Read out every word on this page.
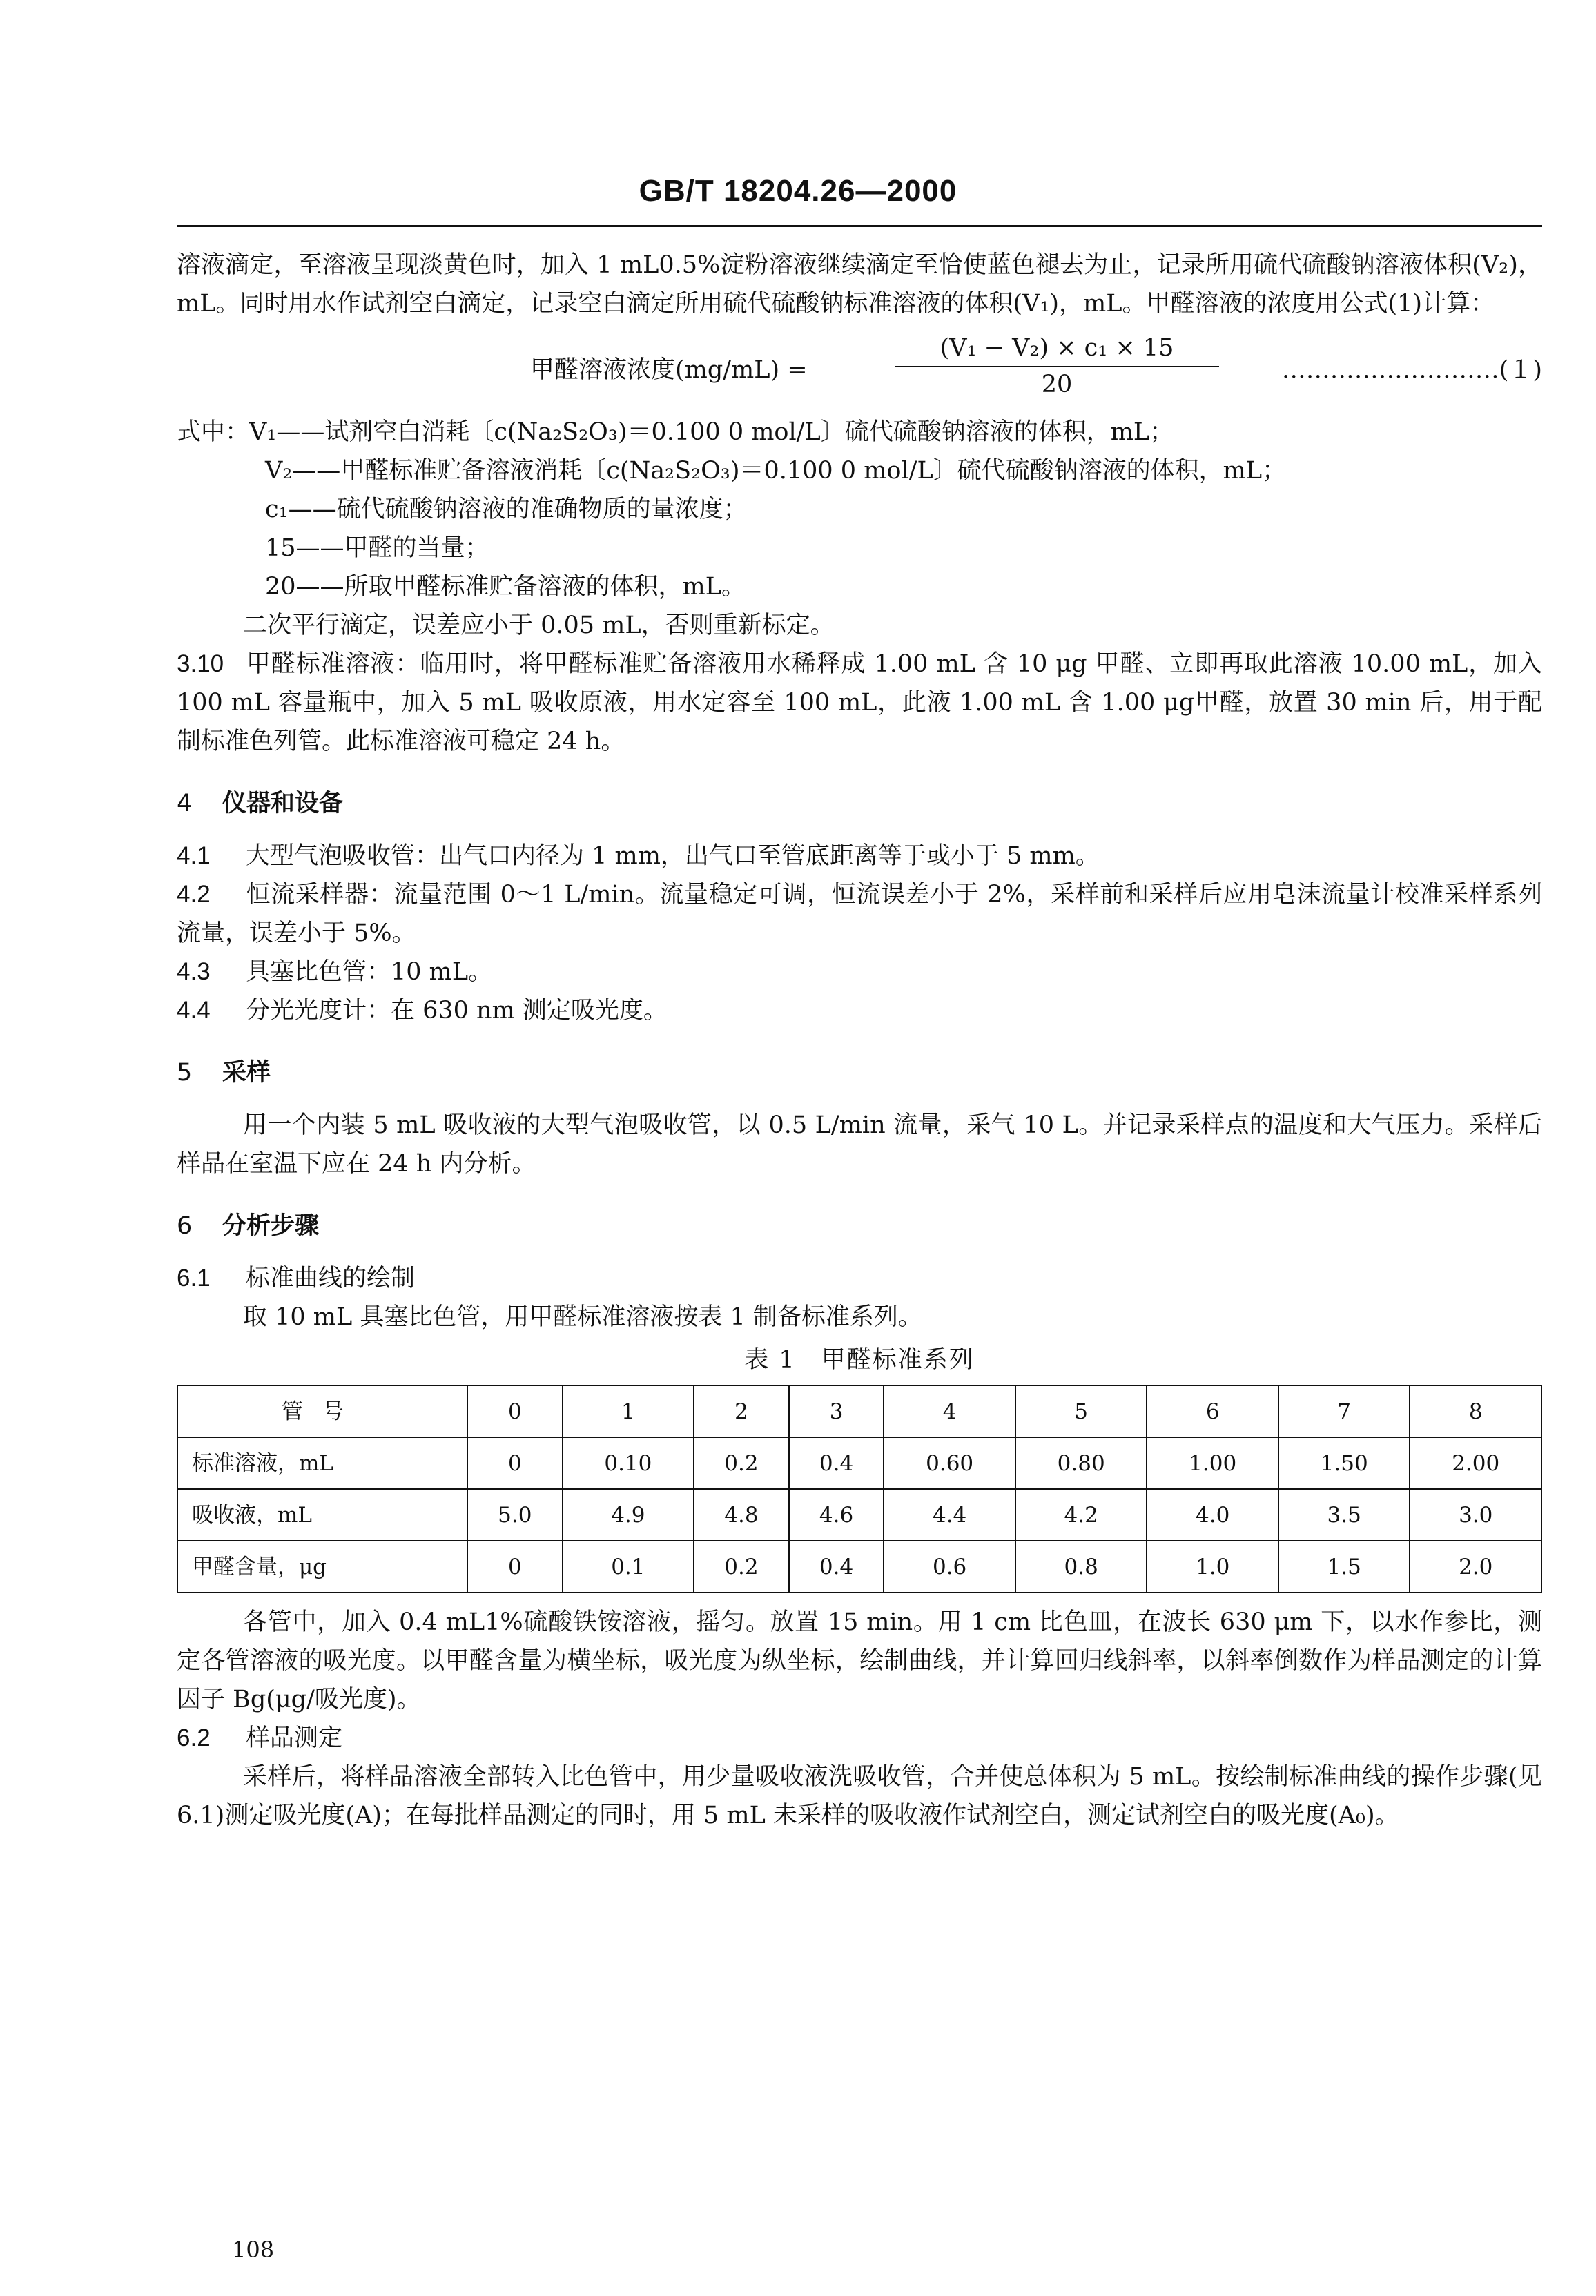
GB/T 18204.26—2000

溶液滴定，至溶液呈现淡黄色时，加入 1 mL0.5%淀粉溶液继续滴定至恰使蓝色褪去为止，记录所用硫代硫酸钠溶液体积(V₂)，mL。同时用水作试剂空白滴定，记录空白滴定所用硫代硫酸钠标准溶液的体积(V₁)，mL。甲醛溶液的浓度用公式(1)计算：

甲醛溶液浓度(mg/mL) =	$\frac{\text{(V₁ − V₂) × c₁ × 15}}{20}$	………………………(１)
式中：V₁——试剂空白消耗〔c(Na₂S₂O₃)＝0.100 0 mol/L〕硫代硫酸钠溶液的体积，mL；
V₂——甲醛标准贮备溶液消耗〔c(Na₂S₂O₃)＝0.100 0 mol/L〕硫代硫酸钠溶液的体积，mL；
c₁——硫代硫酸钠溶液的准确物质的量浓度；
15——甲醛的当量；
20——所取甲醛标准贮备溶液的体积，mL。

二次平行滴定，误差应小于 0.05 mL，否则重新标定。

3.10 甲醛标准溶液：临用时，将甲醛标准贮备溶液用水稀释成 1.00 mL 含 10 μg 甲醛、立即再取此溶液 10.00 mL，加入 100 mL 容量瓶中，加入 5 mL 吸收原液，用水定容至 100 mL，此液 1.00 mL 含 1.00 μg甲醛，放置 30 min 后，用于配制标准色列管。此标准溶液可稳定 24 h。

4 仪器和设备

4.1 大型气泡吸收管：出气口内径为 1 mm，出气口至管底距离等于或小于 5 mm。

4.2 恒流采样器：流量范围 0～1 L/min。流量稳定可调，恒流误差小于 2%，采样前和采样后应用皂沫流量计校准采样系列流量，误差小于 5%。

4.3 具塞比色管：10 mL。

4.4 分光光度计：在 630 nm 测定吸光度。

5 采样

用一个内装 5 mL 吸收液的大型气泡吸收管，以 0.5 L/min 流量，采气 10 L。并记录采样点的温度和大气压力。采样后样品在室温下应在 24 h 内分析。

6 分析步骤

6.1 标准曲线的绘制

取 10 mL 具塞比色管，用甲醛标准溶液按表 1 制备标准系列。

表 1　甲醛标准系列
管号	0	1	2	3	4	5	6	7	8
标准溶液，mL	0	0.10	0.2	0.4	0.60	0.80	1.00	1.50	2.00
吸收液，mL	5.0	4.9	4.8	4.6	4.4	4.2	4.0	3.5	3.0
甲醛含量，μg	0	0.1	0.2	0.4	0.6	0.8	1.0	1.5	2.0

各管中，加入 0.4 mL1%硫酸铁铵溶液，摇匀。放置 15 min。用 1 cm 比色皿，在波长 630 μm 下，以水作参比，测定各管溶液的吸光度。以甲醛含量为横坐标，吸光度为纵坐标，绘制曲线，并计算回归线斜率，以斜率倒数作为样品测定的计算因子 Bg(μg/吸光度)。

6.2 样品测定

采样后，将样品溶液全部转入比色管中，用少量吸收液洗吸收管，合并使总体积为 5 mL。按绘制标准曲线的操作步骤(见 6.1)测定吸光度(A)；在每批样品测定的同时，用 5 mL 未采样的吸收液作试剂空白，测定试剂空白的吸光度(A₀)。

108
